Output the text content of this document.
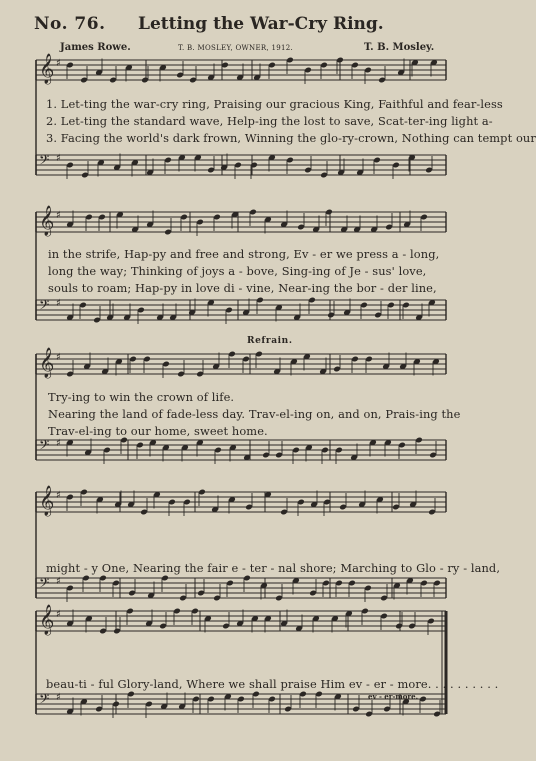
No. 76. Letting the War-Cry Ring.
James Rowe.	T. B. MOSLEY, OWNER, 1912.	T. B. Mosley.
𝄞 ♯
𝄢 ♯
𝄞 ♯
𝄢 ♯
𝄞 ♯
𝄢 ♯
𝄞 ♯
𝄢 ♯
𝄞 ♯
𝄢 ♯
1. Let-ting the war-cry ring, Praising our gracious King, Faithful and fear-less
2. Let-ting the standard wave, Help-ing the lost to save, Scat-ter-ing light a-
3. Facing the world's dark frown, Winning the glo-ry-crown, Nothing can tempt our
in the strife, Hap-py and free and strong, Ev - er we press a - long,
long the way; Thinking of joys a - bove, Sing-ing of Je - sus' love,
souls to roam; Hap-py in love di - vine, Near-ing the bor - der line,
Refrain.
Try-ing to win the crown of life.
Nearing the land of fade-less day. Trav-el-ing on, and on, Prais-ing the
Trav-el-ing to our home, sweet home.
might - y One, Nearing the fair e - ter - nal shore; Marching to Glo - ry - land,
beau-ti - ful Glory-land, Where we shall praise Him ev - er - more. . . . . . . . . .
ev - er-more.
